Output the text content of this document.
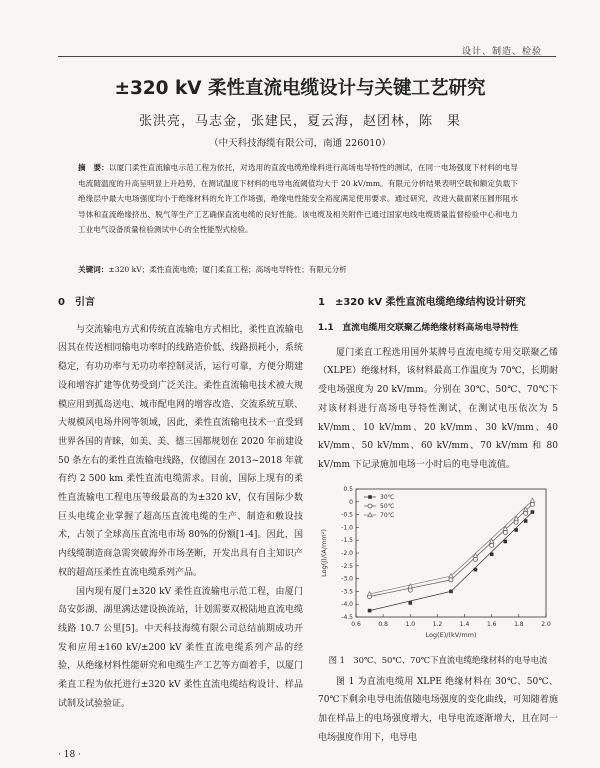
设计、制造、检验
±320 kV 柔性直流电缆设计与关键工艺研究
张洪亮，马志金，张建民，夏云海，赵团林，陈　果
（中天科技海缆有限公司，南通 226010）
摘　要：以厦门柔性直流输电示范工程为依托，对选用的直流电缆绝缘料进行高场电导特性的测试，在同一电场强度下材料的电导电流随温度的升高呈明显上升趋势，在测试温度下材料的电导电流阈值均大于 20 kV/mm。有限元分析结果表明空载和额定负载下绝缘层中最大电场强度均小于绝缘材料的允许工作场强，绝缘电性能安全裕度满足使用要求。通过研究，改进大截面紧压圆形阻水导体和直流绝缘挤出、脱气等生产工艺确保直流电缆的良好性能。该电缆及相关附件已通过国家电线电缆质量监督检验中心和电力工业电气设备质量检验测试中心的全性能型式检验。
关键词：±320 kV；柔性直流电缆；厦门柔直工程；高场电导特性；有限元分析
0　引言

与交流输电方式和传统直流输电方式相比，柔性直流输电因其在传送相同输电功率时的线路造价低、线路损耗小，系统稳定，有功功率与无功功率控制灵活，运行可靠，方便分期建设和增容扩建等优势受到广泛关注。柔性直流输电技术被大规模应用到孤岛送电、城市配电网的增容改造、交流系统互联、大规模风电场并网等领域，因此，柔性直流输电技术一直受到世界各国的青睐，如美、美、德三国都规划在 2020 年前建设 50 条左右的柔性直流输电线路，仅德国在 2013~2018 年就有约 2 500 km 柔性直流电缆需求。目前，国际上现有的柔性直流输电工程电压等级最高的为±320 kV，仅有国际少数巨头电缆企业掌握了超高压直流电缆的生产、制造和敷设技术，占领了全球高压直流电市场 80%的份额[1-4]。因此，国内线缆制造商急需突破海外市场垄断，开发出具有自主知识产权的超高压柔性直流电缆系列产品。

国内现有厦门±320 kV 柔性直流输电示范工程，由厦门岛安彭湖、湖里满达建设换流站，计划需要双极陆地直流电缆线路 10.7 公里[5]。中天科技海缆有限公司总结前期成功开发和应用±160 kV/±200 kV 柔性直流电缆系列产品的经验，从绝缘材料性能研究和电缆生产工艺等方面着手，以厦门柔直工程为依托进行±320 kV 柔性直流电缆结构设计、样品试制及试验验证。

1　±320 kV 柔性直流电缆绝缘结构设计研究
1.1　直流电缆用交联聚乙烯绝缘材料高场电导特性

厦门柔直工程选用国外某牌号直流电缆专用交联聚乙烯（XLPE）绝缘材料，该材料最高工作温度为 70℃，长期耐受电场强度为 20 kV/mm。分别在 30℃、50℃、70℃下对该材料进行高场电导特性测试，在测试电压依次为 5 kV/mm、10 kV/mm、20 kV/mm、30 kV/mm、40 kV/mm、50 kV/mm、60 kV/mm、70 kV/mm 和 80 kV/mm 下记录施加电场一小时后的电导电流值。

0.6	0.8	1.0	1.2	1.4	1.6	1.8	2.0
-4.5
-4.0
-3.5
-3.0
-2.5
-2.0
-1.5
-1.0
-0.5
0
0.5
Log(E)/(kV/mm)
Log(J)/(A/mm²)
30℃
50℃
70℃
图 1　30℃、50℃、70℃下直流电缆绝缘材料的电导电流

图 1 为直流电缆用 XLPE 绝缘材料在 30℃、50℃、70℃下剩余电导电流值随电场强度的变化曲线，可知随着施加在样品上的电场强度增大，电导电流逐渐增大，且在同一电场强度作用下，电导电

· 18 ·
